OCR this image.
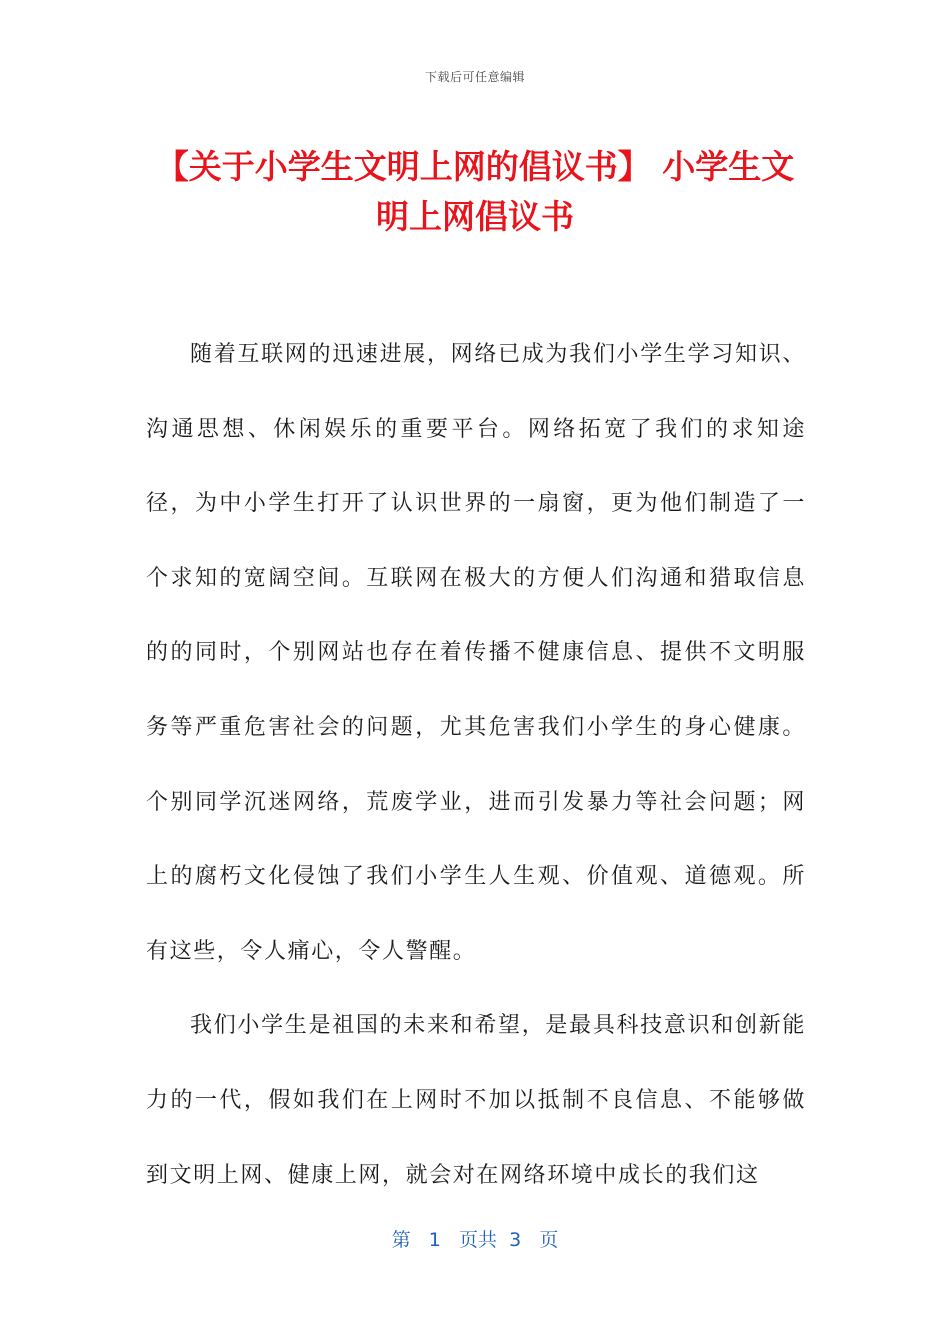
下载后可任意编辑
【关于小学生文明上网的倡议书】 小学生文明上网倡议书

随着互联网的迅速进展，网络已成为我们小学生学习知识、沟通思想、休闲娱乐的重要平台。网络拓宽了我们的求知途径，为中小学生打开了认识世界的一扇窗，更为他们制造了一个求知的宽阔空间。互联网在极大的方便人们沟通和猎取信息的的同时，个别网站也存在着传播不健康信息、提供不文明服务等严重危害社会的问题，尤其危害我们小学生的身心健康。个别同学沉迷网络，荒废学业，进而引发暴力等社会问题；网上的腐朽文化侵蚀了我们小学生人生观、价值观、道德观。所有这些，令人痛心，令人警醒。

我们小学生是祖国的未来和希望，是最具科技意识和创新能力的一代，假如我们在上网时不加以抵制不良信息、不能够做到文明上网、健康上网，就会对在网络环境中成长的我们这

第 1 页共 3 页
